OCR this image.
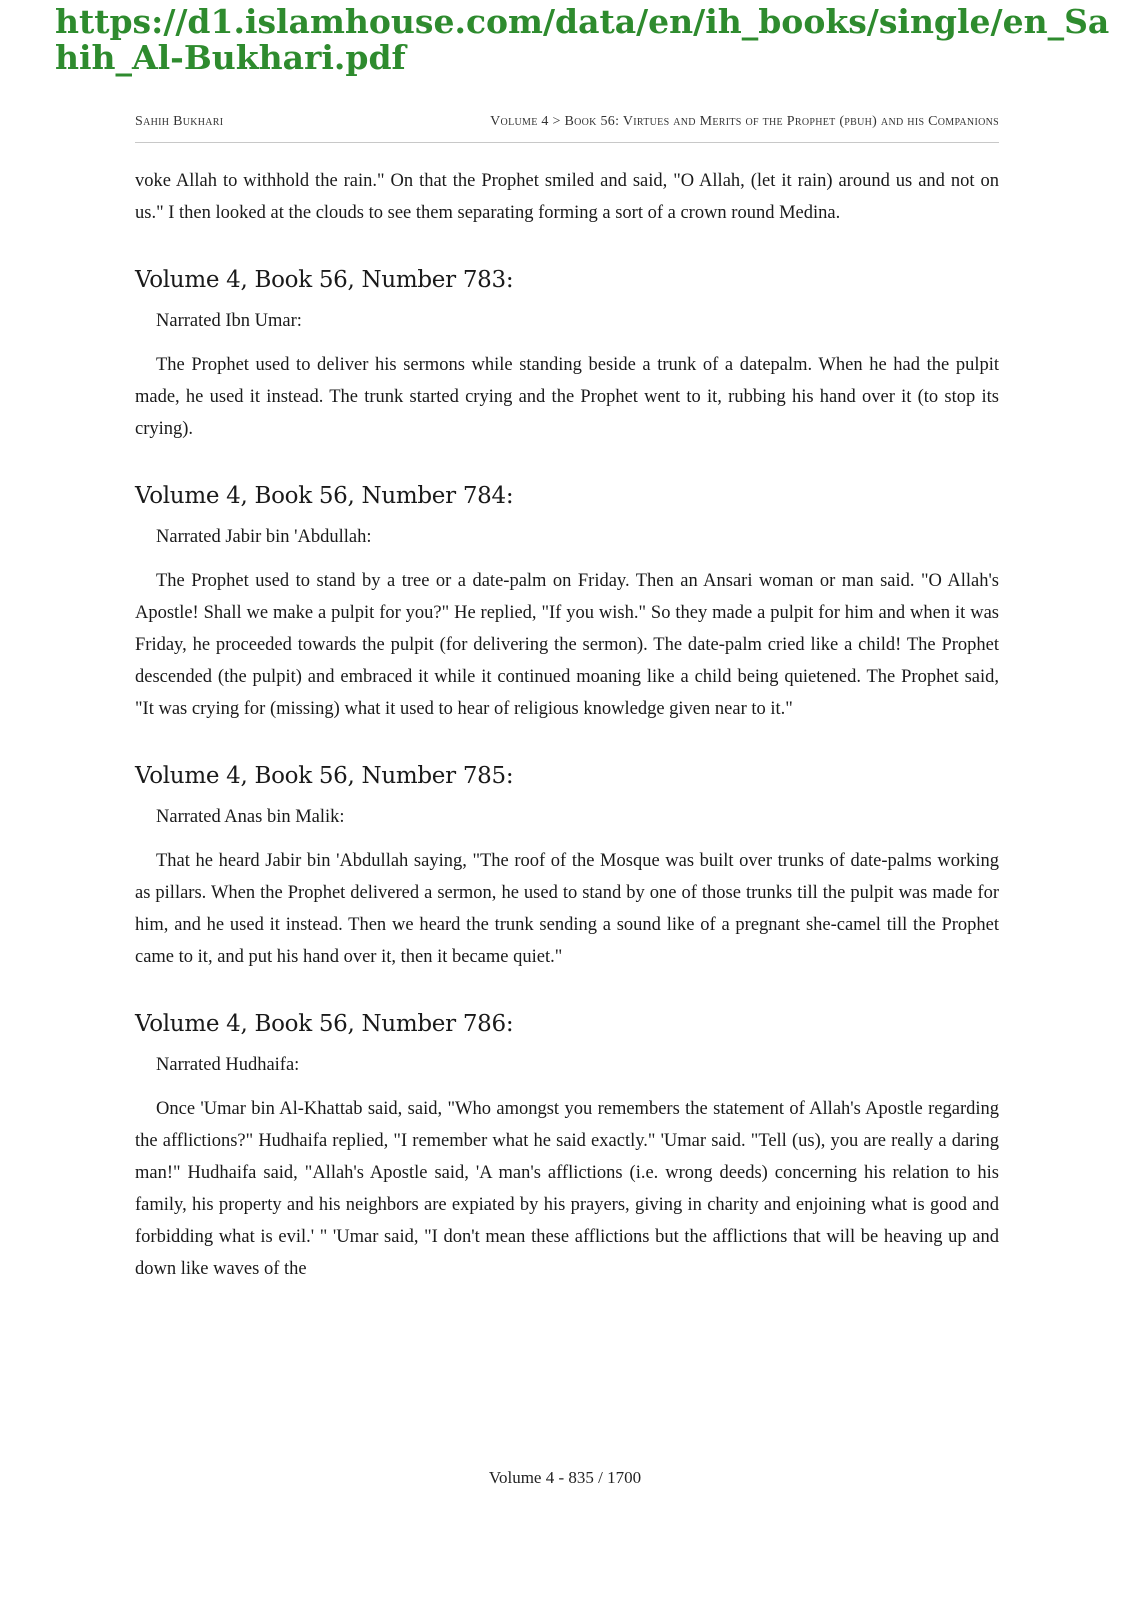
https://d1.islamhouse.com/data/en/ih_books/single/en_Sahih_Al-Bukhari.pdf
Sahih Bukhari	Volume 4 > Book 56: Virtues and Merits of the Prophet (pbuh) and his Companions

voke Allah to withhold the rain." On that the Prophet smiled and said, "O Allah, (let it rain) around us and not on us." I then looked at the clouds to see them separating forming a sort of a crown round Medina.

Volume 4, Book 56, Number 783:

Narrated Ibn Umar:

The Prophet used to deliver his sermons while standing beside a trunk of a datepalm. When he had the pulpit made, he used it instead. The trunk started crying and the Prophet went to it, rubbing his hand over it (to stop its crying).

Volume 4, Book 56, Number 784:

Narrated Jabir bin 'Abdullah:

The Prophet used to stand by a tree or a date-palm on Friday. Then an Ansari woman or man said. "O Allah's Apostle! Shall we make a pulpit for you?" He replied, "If you wish." So they made a pulpit for him and when it was Friday, he proceeded towards the pulpit (for delivering the sermon). The date-palm cried like a child! The Prophet descended (the pulpit) and embraced it while it continued moaning like a child being quietened. The Prophet said, "It was crying for (missing) what it used to hear of religious knowledge given near to it."

Volume 4, Book 56, Number 785:

Narrated Anas bin Malik:

That he heard Jabir bin 'Abdullah saying, "The roof of the Mosque was built over trunks of date-palms working as pillars. When the Prophet delivered a sermon, he used to stand by one of those trunks till the pulpit was made for him, and he used it instead. Then we heard the trunk sending a sound like of a pregnant she-camel till the Prophet came to it, and put his hand over it, then it became quiet."

Volume 4, Book 56, Number 786:

Narrated Hudhaifa:

Once 'Umar bin Al-Khattab said, said, "Who amongst you remembers the statement of Allah's Apostle regarding the afflictions?" Hudhaifa replied, "I remember what he said exactly." 'Umar said. "Tell (us), you are really a daring man!" Hudhaifa said, "Allah's Apostle said, 'A man's afflictions (i.e. wrong deeds) concerning his relation to his family, his property and his neighbors are expiated by his prayers, giving in charity and enjoining what is good and forbidding what is evil.' " 'Umar said, "I don't mean these afflictions but the afflictions that will be heaving up and down like waves of the

Volume 4 - 835 / 1700
